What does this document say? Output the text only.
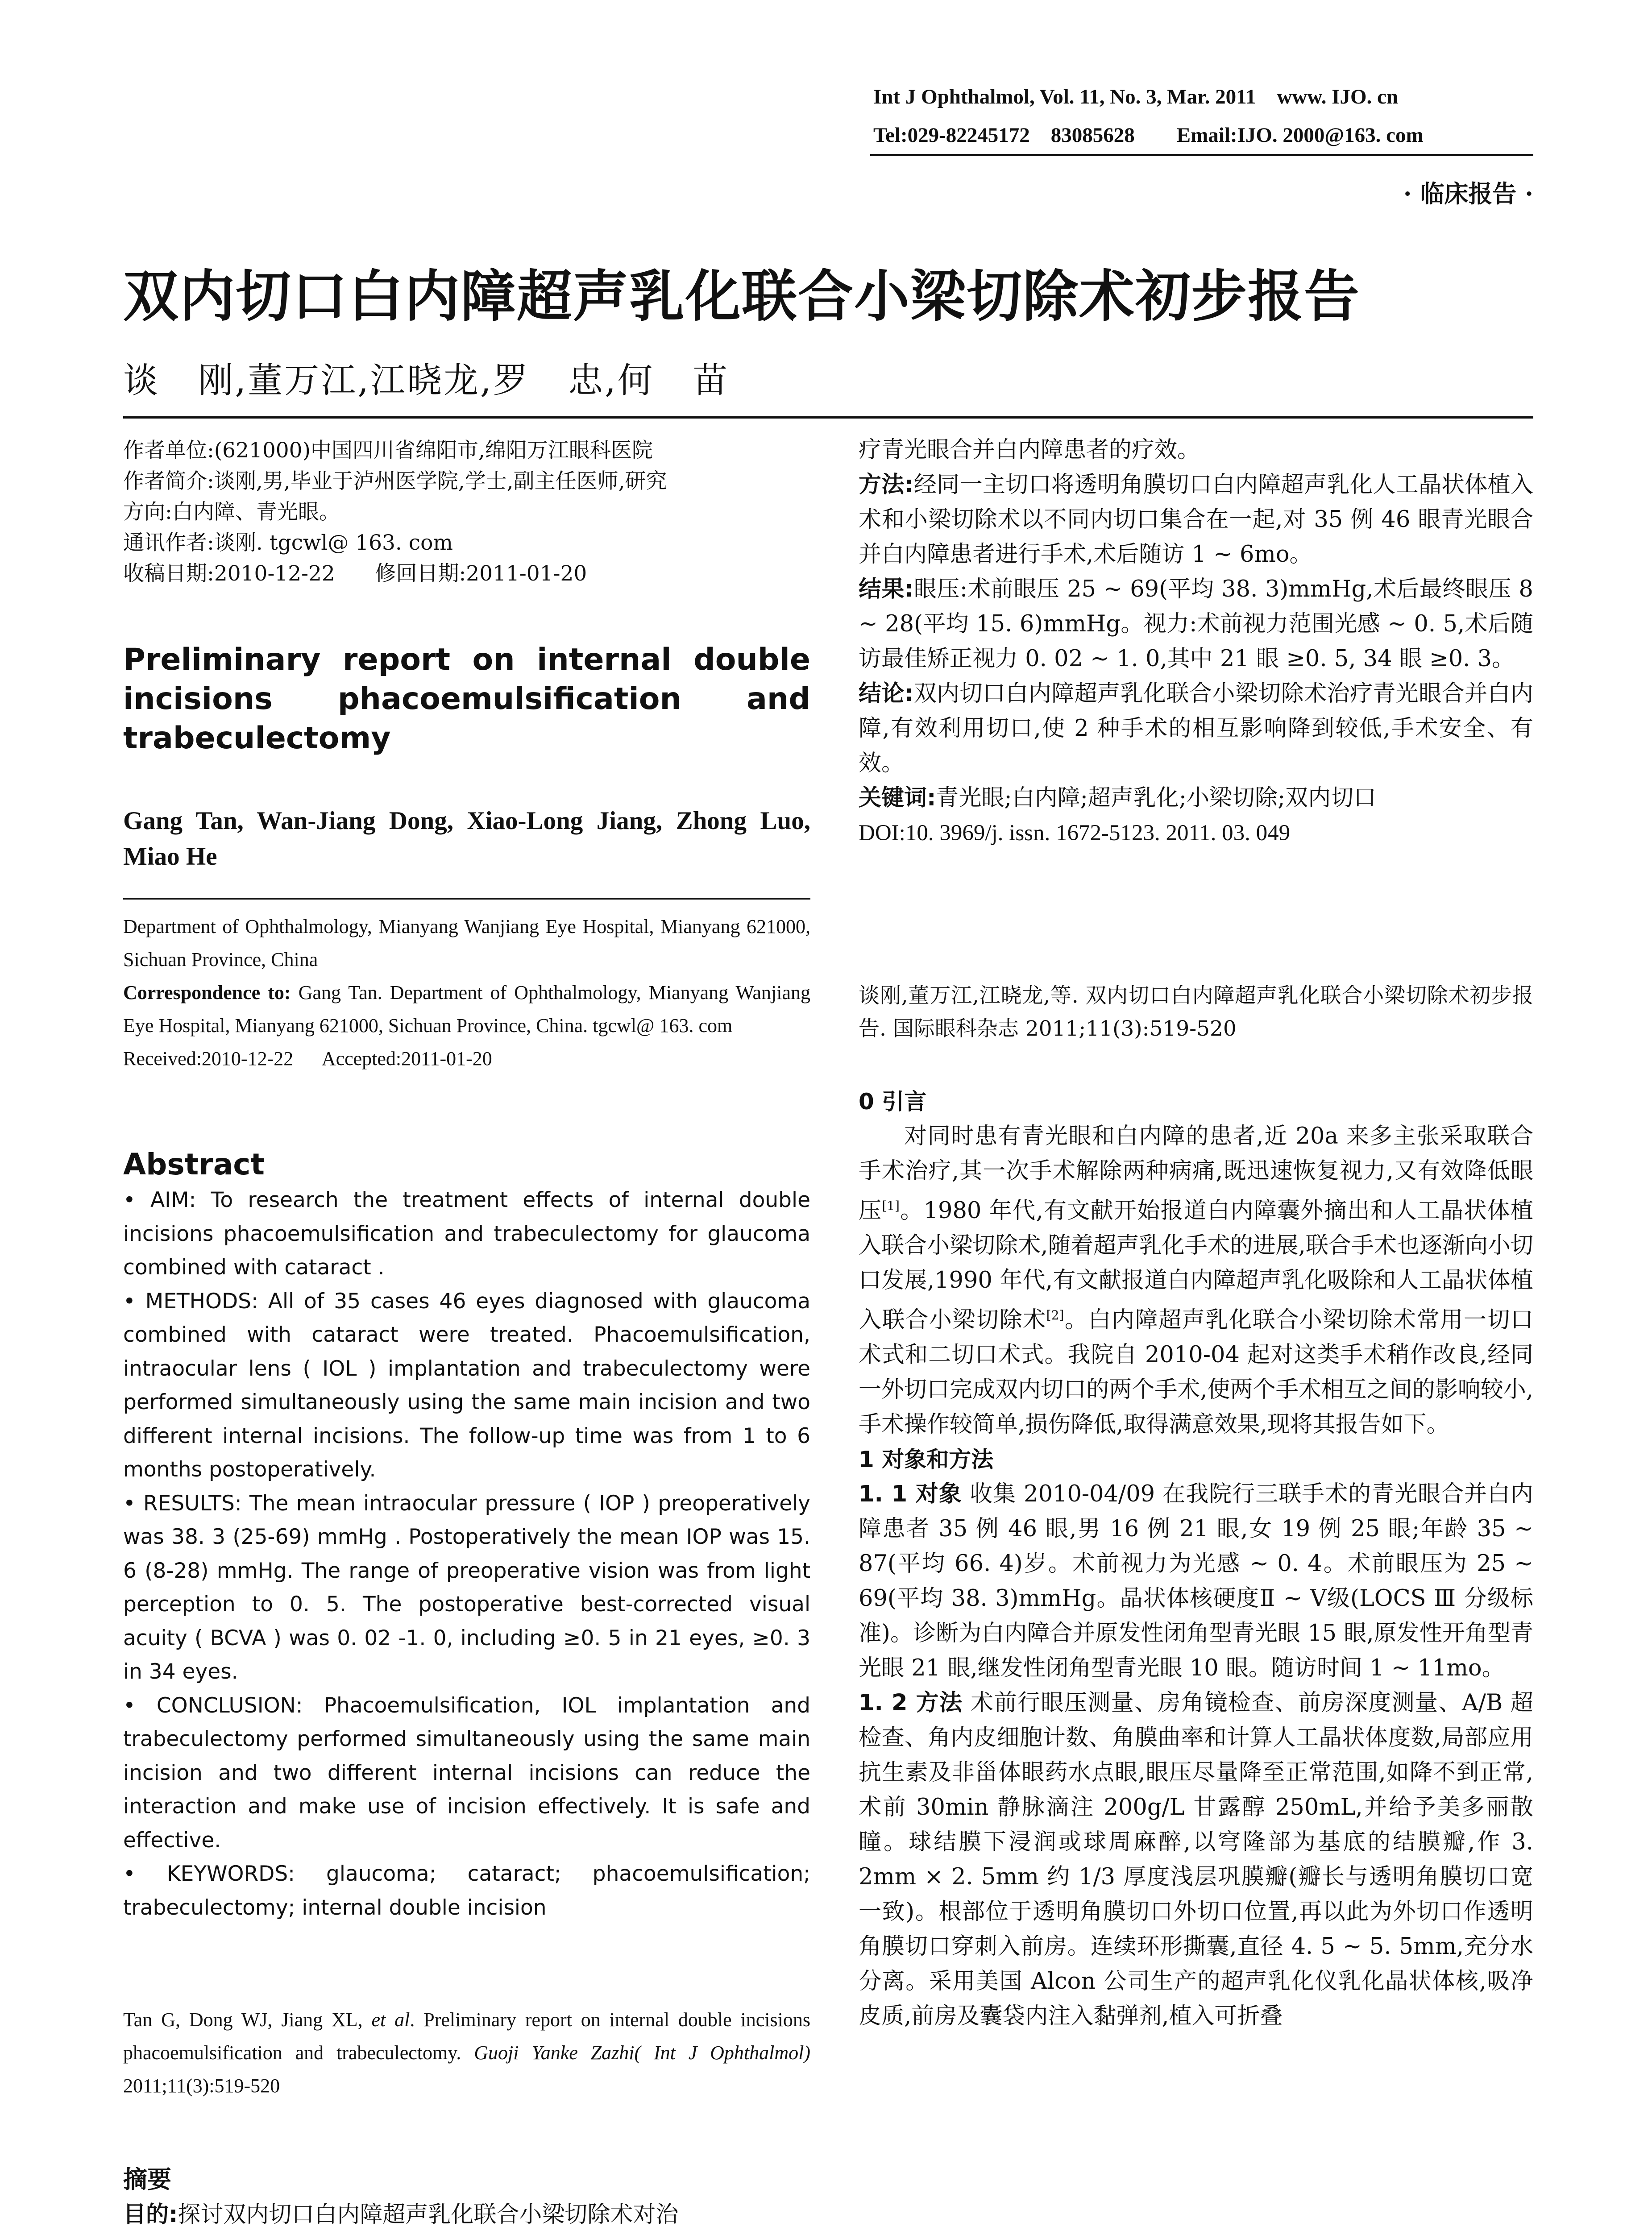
Int J Ophthalmol, Vol. 11, No. 3, Mar. 2011    www. IJO. cn
Tel:029-82245172    83085628        Email:IJO. 2000@163. com
· 临床报告 ·
双内切口白内障超声乳化联合小梁切除术初步报告
谈   刚,董万江,江晓龙,罗   忠,何   苗

作者单位:(621000)中国四川省绵阳市,绵阳万江眼科医院

作者简介:谈刚,男,毕业于泸州医学院,学士,副主任医师,研究

方向:白内障、青光眼。

通讯作者:谈刚. tgcwl@ 163. com

收稿日期:2010-12-22      修回日期:2011-01-20

Preliminary report on internal double incisions phacoemulsification and trabeculectomy
Gang Tan, Wan-Jiang Dong, Xiao-Long Jiang, Zhong Luo, Miao He

Department of Ophthalmology, Mianyang Wanjiang Eye Hospital, Mianyang 621000, Sichuan Province, China

Correspondence to: Gang Tan. Department of Ophthalmology, Mianyang Wanjiang Eye Hospital, Mianyang 621000, Sichuan Province, China. tgcwl@ 163. com

Received:2010-12-22      Accepted:2011-01-20

Abstract

• AIM: To research the treatment effects of internal double incisions phacoemulsification and trabeculectomy for glaucoma combined with cataract .

• METHODS: All of 35 cases 46 eyes diagnosed with glaucoma combined with cataract were treated. Phacoemulsification, intraocular lens ( IOL ) implantation and trabeculectomy were performed simultaneously using the same main incision and two different internal incisions. The follow-up time was from 1 to 6 months postoperatively.

• RESULTS: The mean intraocular pressure ( IOP ) preoperatively was 38. 3 (25-69) mmHg . Postoperatively the mean IOP was 15. 6 (8-28) mmHg. The range of preoperative vision was from light perception to 0. 5. The postoperative best-corrected visual acuity ( BCVA ) was 0. 02 -1. 0, including ≥0. 5 in 21 eyes, ≥0. 3 in 34 eyes.

• CONCLUSION: Phacoemulsification, IOL implantation and trabeculectomy performed simultaneously using the same main incision and two different internal incisions can reduce the interaction and make use of incision effectively. It is safe and effective.

• KEYWORDS: glaucoma; cataract; phacoemulsification; trabeculectomy; internal double incision

Tan G, Dong WJ, Jiang XL, et al. Preliminary report on internal double incisions phacoemulsification and trabeculectomy. Guoji Yanke Zazhi( Int J Ophthalmol) 2011;11(3):519-520

摘要

目的:探讨双内切口白内障超声乳化联合小梁切除术对治

疗青光眼合并白内障患者的疗效。

方法:经同一主切口将透明角膜切口白内障超声乳化人工晶状体植入术和小梁切除术以不同内切口集合在一起,对 35 例 46 眼青光眼合并白内障患者进行手术,术后随访 1 ~ 6mo。

结果:眼压:术前眼压 25 ~ 69(平均 38. 3)mmHg,术后最终眼压 8 ~ 28(平均 15. 6)mmHg。视力:术前视力范围光感 ~ 0. 5,术后随访最佳矫正视力 0. 02 ~ 1. 0,其中 21 眼 ≥0. 5, 34 眼 ≥0. 3。

结论:双内切口白内障超声乳化联合小梁切除术治疗青光眼合并白内障,有效利用切口,使 2 种手术的相互影响降到较低,手术安全、有效。

关键词:青光眼;白内障;超声乳化;小梁切除;双内切口

DOI:10. 3969/j. issn. 1672-5123. 2011. 03. 049

谈刚,董万江,江晓龙,等. 双内切口白内障超声乳化联合小梁切除术初步报告. 国际眼科杂志 2011;11(3):519-520

0 引言

对同时患有青光眼和白内障的患者,近 20a 来多主张采取联合手术治疗,其一次手术解除两种病痛,既迅速恢复视力,又有效降低眼压[1]。1980 年代,有文献开始报道白内障囊外摘出和人工晶状体植入联合小梁切除术,随着超声乳化手术的进展,联合手术也逐渐向小切口发展,1990 年代,有文献报道白内障超声乳化吸除和人工晶状体植入联合小梁切除术[2]。白内障超声乳化联合小梁切除术常用一切口术式和二切口术式。我院自 2010-04 起对这类手术稍作改良,经同一外切口完成双内切口的两个手术,使两个手术相互之间的影响较小,手术操作较简单,损伤降低,取得满意效果,现将其报告如下。

1 对象和方法

1. 1 对象 收集 2010-04/09 在我院行三联手术的青光眼合并白内障患者 35 例 46 眼,男 16 例 21 眼,女 19 例 25 眼;年龄 35 ~ 87(平均 66. 4)岁。术前视力为光感 ~ 0. 4。术前眼压为 25 ~ 69(平均 38. 3)mmHg。晶状体核硬度Ⅱ ~ Ⅴ级(LOCS Ⅲ 分级标准)。诊断为白内障合并原发性闭角型青光眼 15 眼,原发性开角型青光眼 21 眼,继发性闭角型青光眼 10 眼。随访时间 1 ~ 11mo。

1. 2 方法 术前行眼压测量、房角镜检查、前房深度测量、A/B 超检查、角内皮细胞计数、角膜曲率和计算人工晶状体度数,局部应用抗生素及非甾体眼药水点眼,眼压尽量降至正常范围,如降不到正常,术前 30min 静脉滴注 200g/L 甘露醇 250mL,并给予美多丽散瞳。球结膜下浸润或球周麻醉,以穹隆部为基底的结膜瓣,作 3. 2mm × 2. 5mm 约 1/3 厚度浅层巩膜瓣(瓣长与透明角膜切口宽一致)。根部位于透明角膜切口外切口位置,再以此为外切口作透明角膜切口穿刺入前房。连续环形撕囊,直径 4. 5 ~ 5. 5mm,充分水分离。采用美国 Alcon 公司生产的超声乳化仪乳化晶状体核,吸净皮质,前房及囊袋内注入黏弹剂,植入可折叠
